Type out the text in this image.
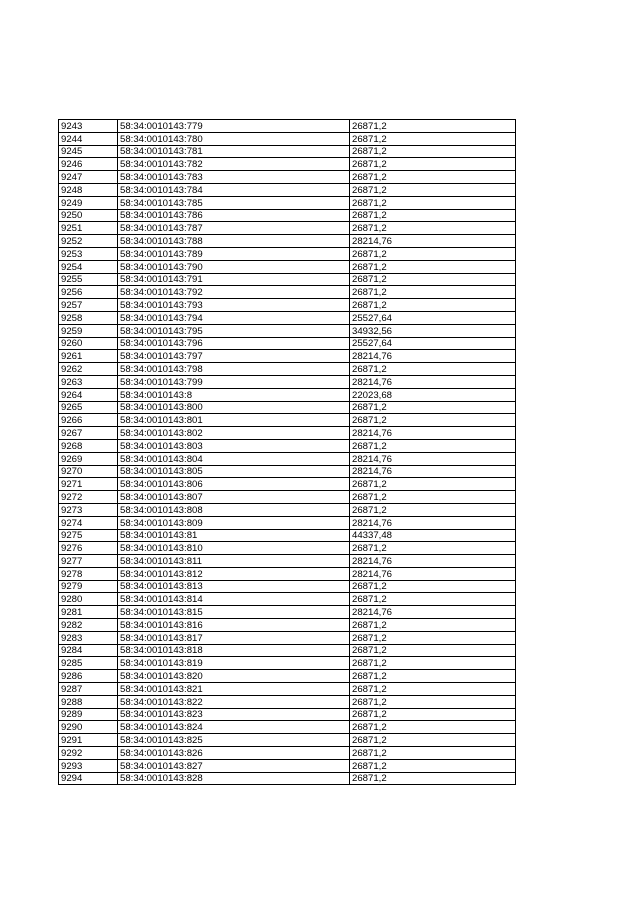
9243	58:34:0010143:779	26871,2
9244	58:34:0010143:780	26871,2
9245	58:34:0010143:781	26871,2
9246	58:34:0010143:782	26871,2
9247	58:34:0010143:783	26871,2
9248	58:34:0010143:784	26871,2
9249	58:34:0010143:785	26871,2
9250	58:34:0010143:786	26871,2
9251	58:34:0010143:787	26871,2
9252	58:34:0010143:788	28214,76
9253	58:34:0010143:789	26871,2
9254	58:34:0010143:790	26871,2
9255	58:34:0010143:791	26871,2
9256	58:34:0010143:792	26871,2
9257	58:34:0010143:793	26871,2
9258	58:34:0010143:794	25527,64
9259	58:34:0010143:795	34932,56
9260	58:34:0010143:796	25527,64
9261	58:34:0010143:797	28214,76
9262	58:34:0010143:798	26871,2
9263	58:34:0010143:799	28214,76
9264	58:34:0010143:8	22023,68
9265	58:34:0010143:800	26871,2
9266	58:34:0010143:801	26871,2
9267	58:34:0010143:802	28214,76
9268	58:34:0010143:803	26871,2
9269	58:34:0010143:804	28214,76
9270	58:34:0010143:805	28214,76
9271	58:34:0010143:806	26871,2
9272	58:34:0010143:807	26871,2
9273	58:34:0010143:808	26871,2
9274	58:34:0010143:809	28214,76
9275	58:34:0010143:81	44337,48
9276	58:34:0010143:810	26871,2
9277	58:34:0010143:811	28214,76
9278	58:34:0010143:812	28214,76
9279	58:34:0010143:813	26871,2
9280	58:34:0010143:814	26871,2
9281	58:34:0010143:815	28214,76
9282	58:34:0010143:816	26871,2
9283	58:34:0010143:817	26871,2
9284	58:34:0010143:818	26871,2
9285	58:34:0010143:819	26871,2
9286	58:34:0010143:820	26871,2
9287	58:34:0010143:821	26871,2
9288	58:34:0010143:822	26871,2
9289	58:34:0010143:823	26871,2
9290	58:34:0010143:824	26871,2
9291	58:34:0010143:825	26871,2
9292	58:34:0010143:826	26871,2
9293	58:34:0010143:827	26871,2
9294	58:34:0010143:828	26871,2
